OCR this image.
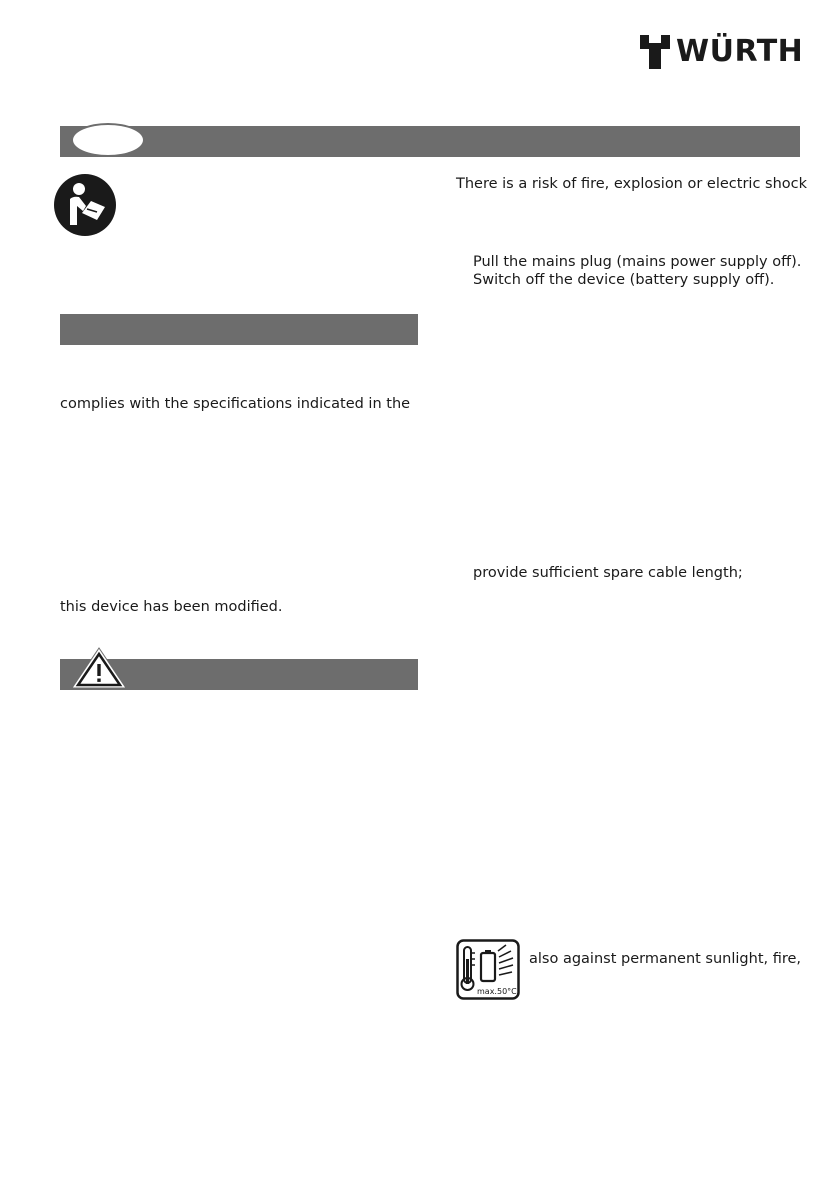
WÜRTH
complies with the specifications indicated in the
this device has been modified.
There is a risk of fire, explosion or electric shock
Pull the mains plug (mains power supply off).
Switch off the device (battery supply off).
provide sufficient spare cable length;
max.50°C
also against permanent sunlight, fire,
